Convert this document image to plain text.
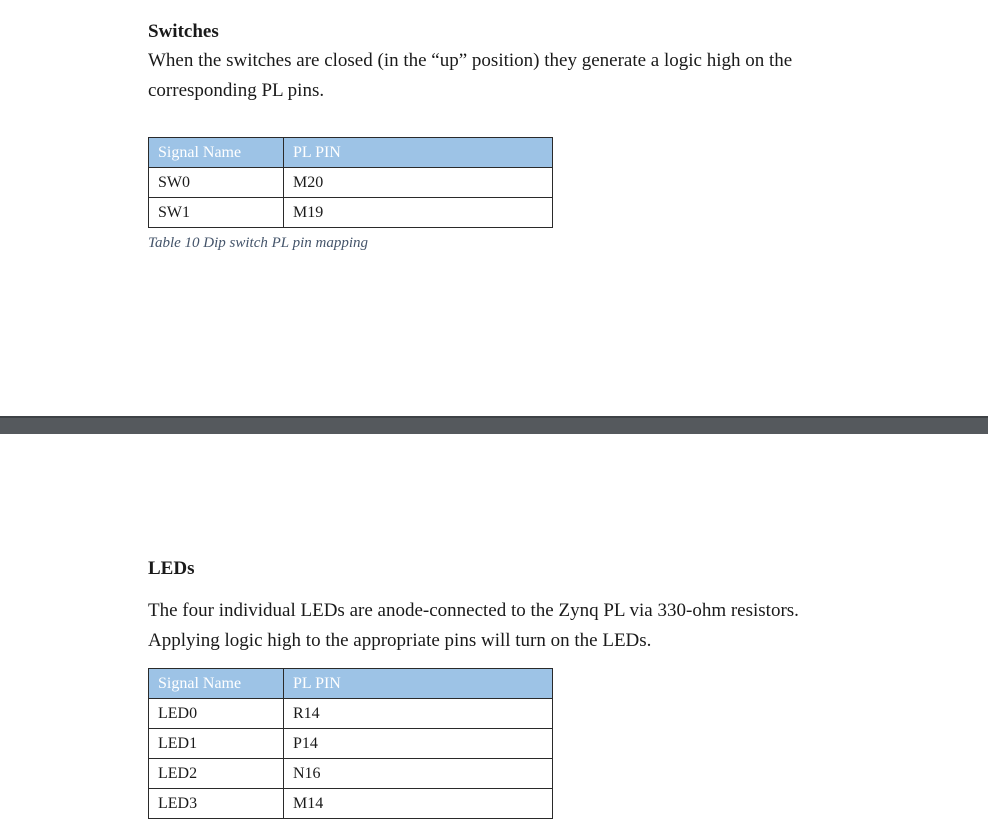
Switches
When the switches are closed (in the “up” position) they generate a logic high on the
corresponding PL pins.
Signal Name	PL PIN
SW0	M20
SW1	M19
Table 10 Dip switch PL pin mapping
LEDs
The four individual LEDs are anode-connected to the Zynq PL via 330-ohm resistors.
Applying logic high to the appropriate pins will turn on the LEDs.
Signal Name	PL PIN
LED0	R14
LED1	P14
LED2	N16
LED3	M14
